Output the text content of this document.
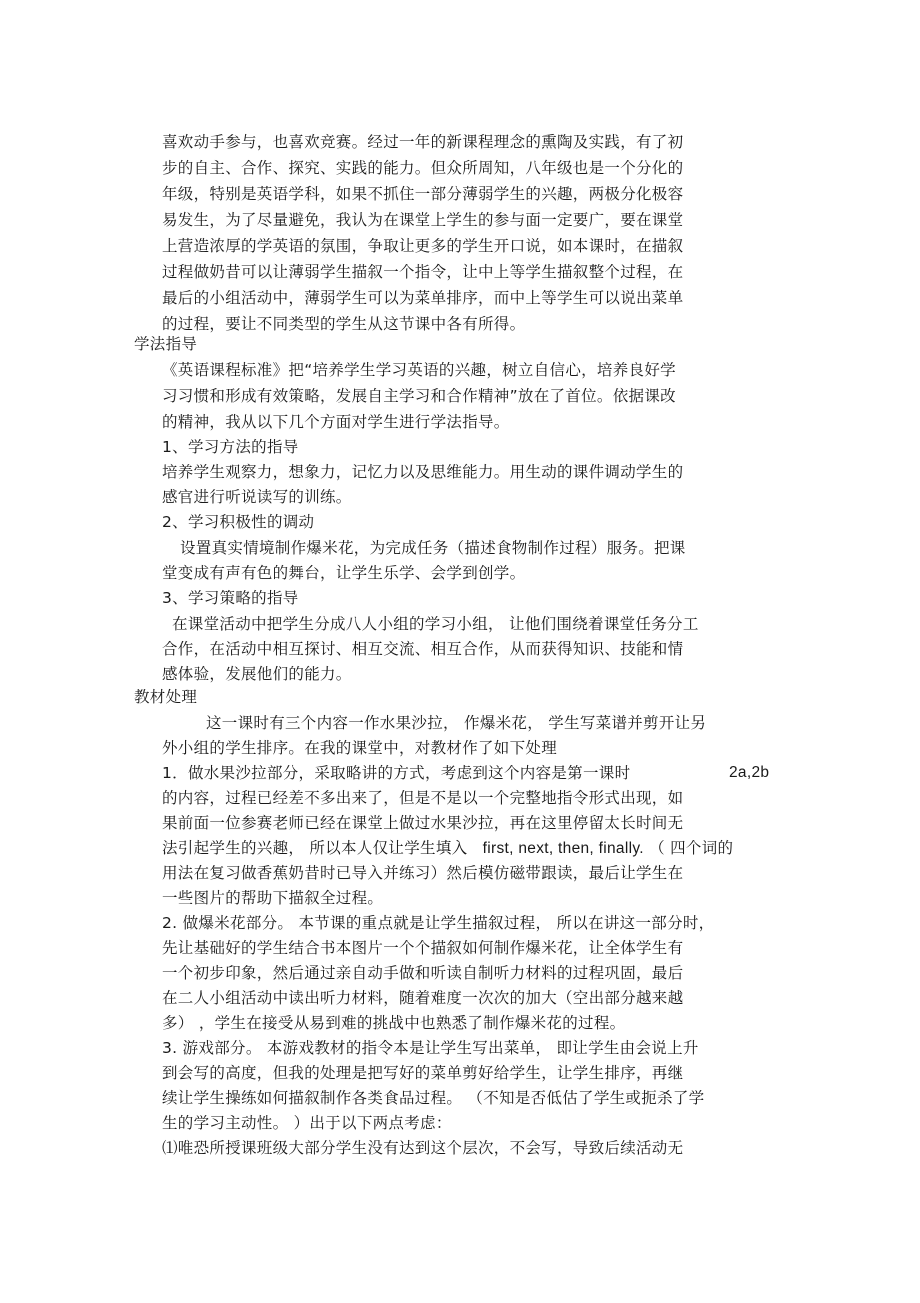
喜欢动手参与，也喜欢竞赛。经过一年的新课程理念的熏陶及实践，有了初
步的自主、合作、探究、实践的能力。但众所周知，八年级也是一个分化的
年级，特别是英语学科，如果不抓住一部分薄弱学生的兴趣，两极分化极容
易发生，为了尽量避免，我认为在课堂上学生的参与面一定要广，要在课堂
上营造浓厚的学英语的氛围，争取让更多的学生开口说，如本课时，在描叙
过程做奶昔可以让薄弱学生描叙一个指令，让中上等学生描叙整个过程，在
最后的小组活动中，薄弱学生可以为菜单排序，而中上等学生可以说出菜单
的过程，要让不同类型的学生从这节课中各有所得。
学法指导
《英语课程标准》把“培养学生学习英语的兴趣，树立自信心，培养良好学
习习惯和形成有效策略，发展自主学习和合作精神”放在了首位。依据课改
的精神，我从以下几个方面对学生进行学法指导。
1、学习方法的指导
培养学生观察力，想象力，记忆力以及思维能力。用生动的课件调动学生的
感官进行听说读写的训练。
2、学习积极性的调动
设置真实情境制作爆米花，为完成任务（描述食物制作过程）服务。把课
堂变成有声有色的舞台，让学生乐学、会学到创学。
3、学习策略的指导
在课堂活动中把学生分成八人小组的学习小组， 让他们围绕着课堂任务分工
合作，在活动中相互探讨、相互交流、相互合作，从而获得知识、技能和情
感体验，发展他们的能力。
教材处理
这一课时有三个内容一作水果沙拉， 作爆米花， 学生写菜谱并剪开让另
外小组的学生排序。在我的课堂中，对教材作了如下处理
1．做水果沙拉部分，采取略讲的方式，考虑到这个内容是第一课时	2a,2b
的内容，过程已经差不多出来了，但是不是以一个完整地指令形式出现，如
果前面一位参赛老师已经在课堂上做过水果沙拉，再在这里停留太长时间无
法引起学生的兴趣， 所以本人仅让学生填入 first, next, then, finally. （ 四个词的
用法在复习做香蕉奶昔时已导入并练习）然后模仿磁带跟读，最后让学生在
一些图片的帮助下描叙全过程。
2. 做爆米花部分。 本节课的重点就是让学生描叙过程， 所以在讲这一部分时，
先让基础好的学生结合书本图片一个个描叙如何制作爆米花，让全体学生有
一个初步印象，然后通过亲自动手做和听读自制听力材料的过程巩固，最后
在二人小组活动中读出听力材料，随着难度一次次的加大（空出部分越来越
多） ，学生在接受从易到难的挑战中也熟悉了制作爆米花的过程。
3. 游戏部分。 本游戏教材的指令本是让学生写出菜单， 即让学生由会说上升
到会写的高度，但我的处理是把写好的菜单剪好给学生，让学生排序，再继
续让学生操练如何描叙制作各类食品过程。 （不知是否低估了学生或扼杀了学
生的学习主动性。 ）出于以下两点考虑：
⑴唯恐所授课班级大部分学生没有达到这个层次，不会写，导致后续活动无
